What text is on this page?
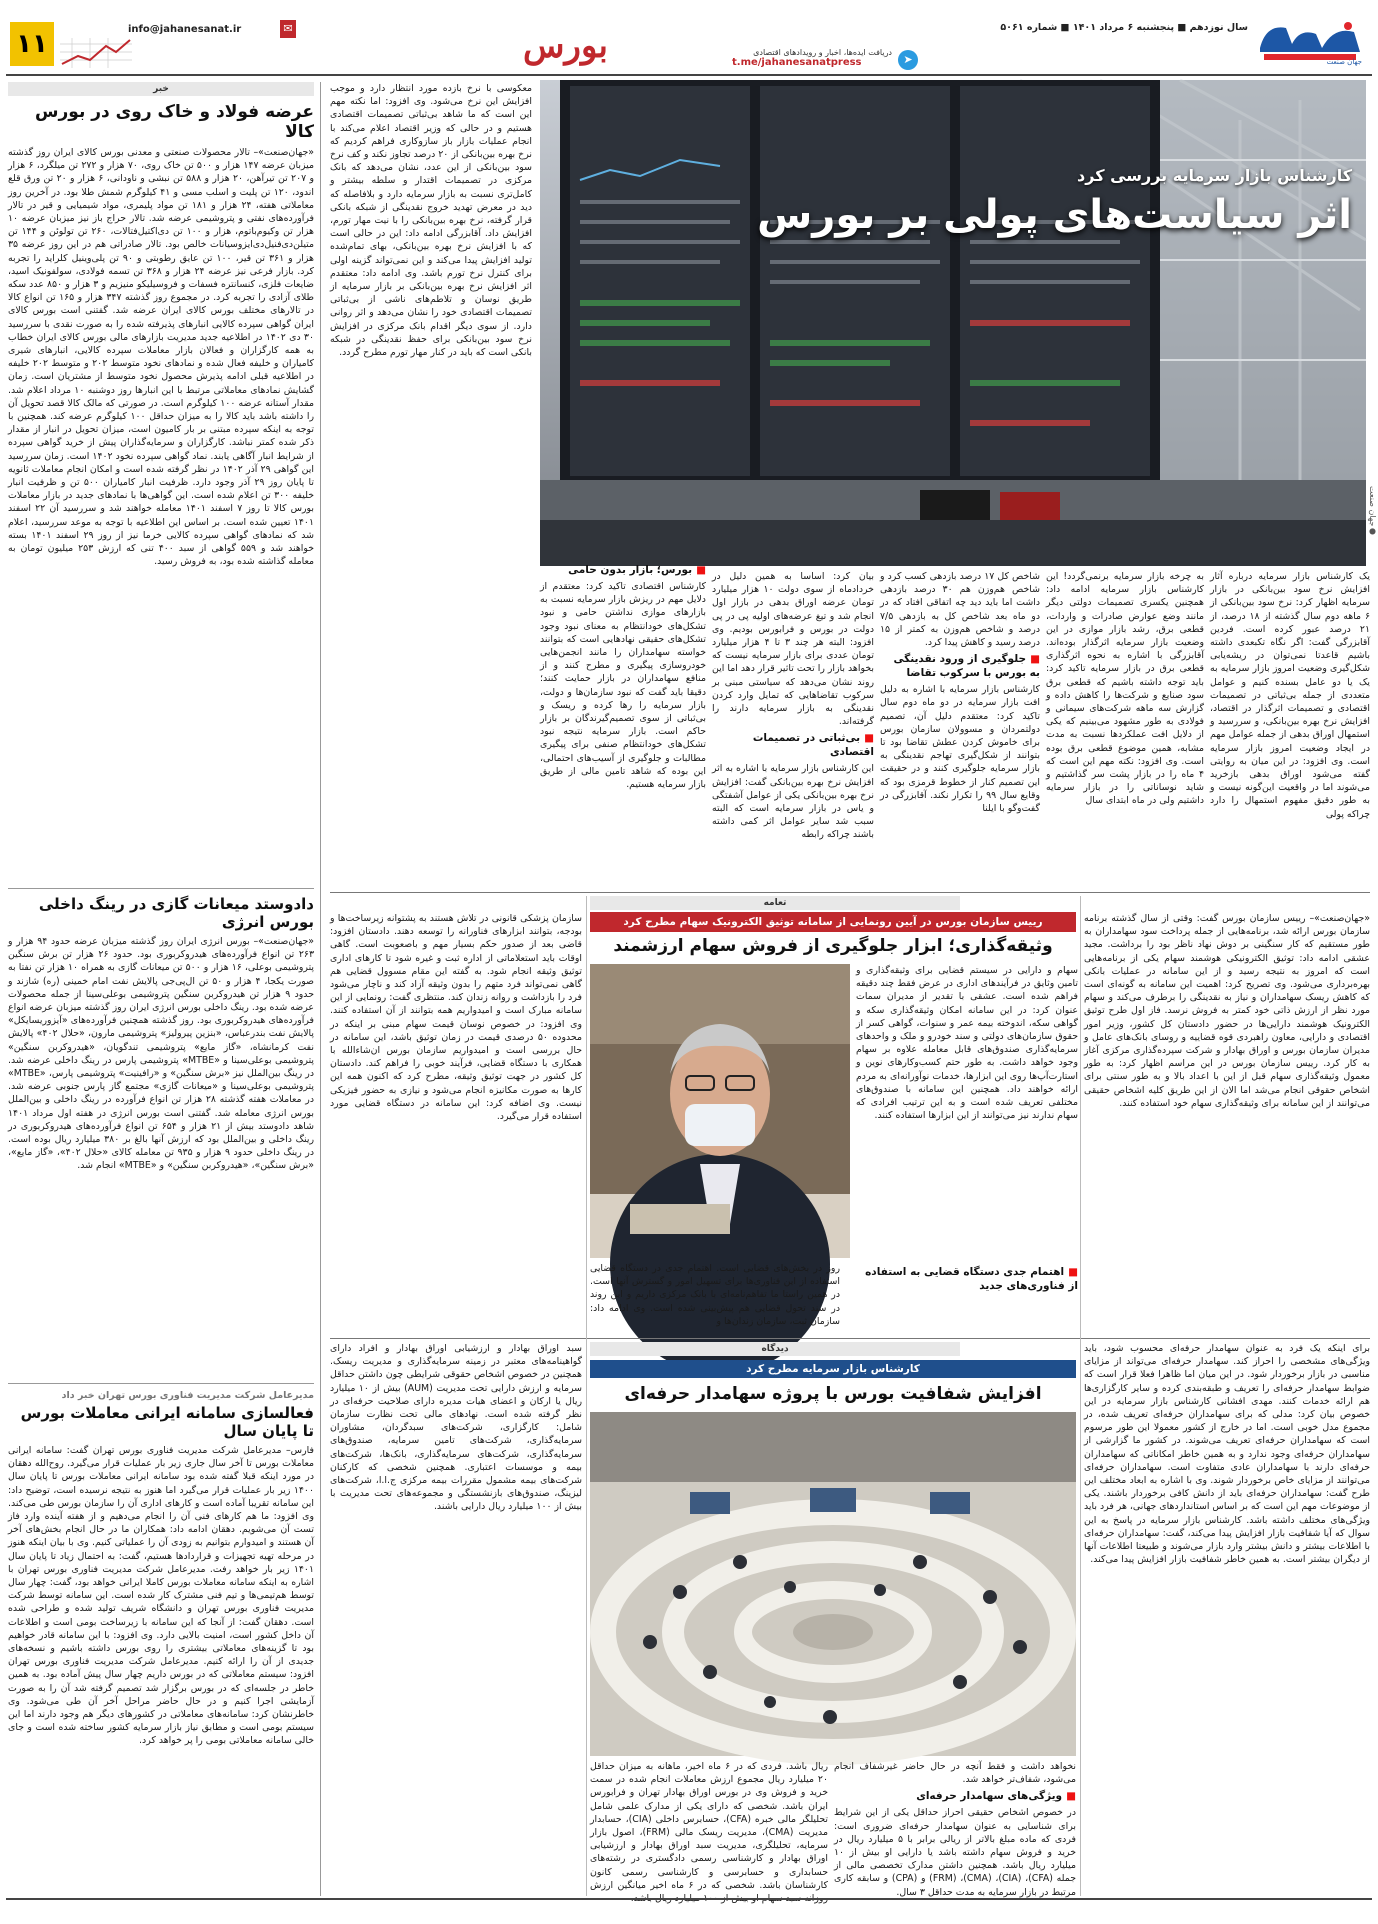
جهان صنعت
سال نوزدهم ■ پنجشنبه ۶ مرداد ۱۴۰۱ ■ شماره ۵۰۶۱
دریافت ایده‌ها، اخبار و رویدادهای اقتصادی
t.me/jahanesanatpress	➤
بورس
info@jahanesanat.ir	✉
۱۱
خبر
عرضه فولاد و خاک روی در بورس کالا
«جهان‌صنعت»– تالار محصولات صنعتی و معدنی بورس کالای ایران روز گذشته میزبان عرضه ۱۴۷ هزار و ۵۰۰ تن خاک روی، ۷۰ هزار و ۲۷۲ تن میلگرد، ۶ هزار و ۲۰۷ تن تیرآهن، ۲۰ هزار و ۵۸۸ تن نبشی و ناودانی، ۶ هزار و ۲۰ تن ورق قلع اندود، ۱۲۰ تن پلیت و اسلب مسی و ۴۱ کیلوگرم شمش طلا بود. در آخرین روز معاملاتی هفته، ۲۴ هزار و ۱۸۱ تن مواد پلیمری، مواد شیمیایی و قیر در تالار فرآورده‌های نفتی و پتروشیمی عرضه شد. تالار حراج باز نیز میزبان عرضه ۱۰ هزار تن وکیوم‌باتوم، هزار و ۱۰۰ تن دی‌اکتیل‌فتالات، ۲۶۰ تن تولوئن و ۱۴۴ تن متیلن‌دی‌فنیل‌دی‌ایزوسیانات خالص بود. تالار صادراتی هم در این روز عرضه ۳۵ هزار و ۳۶۱ تن قیر، ۱۰۰ تن عایق رطوبتی و ۹۰ تن پلی‌وینیل کلراید را تجربه کرد. بازار فرعی نیز عرضه ۲۴ هزار و ۳۶۸ تن تسمه فولادی، سولفونیک اسید، ضایعات فلزی، کنسانتره فسفات و فروسیلیکو منیزیم و ۳ هزار و ۸۵۰ عدد سکه طلای آزادی را تجربه کرد. در مجموع روز گذشته ۳۴۷ هزار و ۱۶۵ تن انواع کالا در تالارهای مختلف بورس کالای ایران عرضه شد. گفتنی است بورس کالای ایران گواهی سپرده کالایی انبارهای پذیرفته شده را به صورت نقدی با سررسید ۳۰ دی ۱۴۰۲ در اطلاعیه جدید مدیریت بازارهای مالی بورس کالای ایران خطاب به همه کارگزاران و فعالان بازار معاملات سپرده کالایی، انبارهای شیری کامیاران و خلیفه فعال شده و نمادهای نخود متوسط ۲۰۲ و متوسط ۲۰۲ خلیفه در اطلاعیه قبلی ادامه پذیرش محصول نخود متوسط از مشتریان است. زمان گشایش نمادهای معاملاتی مرتبط با این انبارها روز دوشنبه ۱۰ مرداد اعلام شد. مقدار آستانه عرضه ۱۰۰ کیلوگرم است. در صورتی که مالک کالا قصد تحویل آن را داشته باشد باید کالا را به میزان حداقل ۱۰۰ کیلوگرم عرضه کند. همچنین با توجه به اینکه سپرده مبتنی بر بار کامیون است، میزان تحویل در انبار از مقدار ذکر شده کمتر نباشد. کارگزاران و سرمایه‌گذاران پیش از خرید گواهی سپرده از شرایط انبار آگاهی یابند. نماد گواهی سپرده نخود ۱۴۰۲ است. زمان سررسید این گواهی ۲۹ آذر ۱۴۰۲ در نظر گرفته شده است و امکان انجام معاملات ثانویه تا پایان روز ۲۹ آذر وجود دارد. ظرفیت انبار کامیاران ۵۰۰ تن و ظرفیت انبار خلیفه ۳۰۰ تن اعلام شده است. این گواهی‌ها با نمادهای جدید در بازار معاملات بورس کالا تا روز ۷ اسفند ۱۴۰۱ معامله خواهند شد و سررسید آن ۲۲ اسفند ۱۴۰۱ تعیین شده است. بر اساس این اطلاعیه با توجه به موعد سررسید، اعلام شد که نمادهای گواهی سپرده کالایی خرما نیز از روز ۲۹ اسفند ۱۴۰۱ بسته خواهند شد و ۵۵۹ گواهی از سبد ۴۰۰ تنی که ارزش ۲۵۳ میلیون تومان به معامله گذاشته شده بود، به فروش رسید.
دادوستد میعانات گازی در رینگ داخلی بورس انرژی
«جهان‌صنعت»– بورس انرژی ایران روز گذشته میزبان عرضه حدود ۹۴ هزار و ۲۶۳ تن انواع فرآورده‌های هیدروکربوری بود. حدود ۲۶ هزار تن برش سنگین پتروشیمی بوعلی، ۱۶ هزار و ۵۰۰ تن میعانات گازی به همراه ۱۰ هزار تن نفتا به صورت یکجا، ۴ هزار و ۵۰ تن ال‌پی‌جی پالایش نفت امام خمینی (ره) شازند و حدود ۹ هزار تن هیدروکربن سنگین پتروشیمی بوعلی‌سینا از جمله محصولات عرضه شده بود. رینگ داخلی بورس انرژی ایران روز گذشته میزبان عرضه انواع فرآورده‌های هیدروکربوری بود. روز گذشته همچنین فرآورده‌های «آیزوریسایکل» پالایش نفت بندرعباس، «بنزین پیرولیز» پتروشیمی مارون، «حلال ۴۰۲» پالایش نفت کرمانشاه، «گاز مایع» پتروشیمی تندگویان، «هیدروکربن سنگین» پتروشیمی بوعلی‌سینا و «MTBE» پتروشیمی پارس در رینگ داخلی عرضه شد. در رینگ بین‌الملل نیز «برش سنگین» و «رافینیت» پتروشیمی پارس، «MTBE» پتروشیمی بوعلی‌سینا و «میعانات گازی» مجتمع گاز پارس جنوبی عرضه شد. در معاملات هفته گذشته ۲۸ هزار تن انواع فرآورده در رینگ داخلی و بین‌الملل بورس انرژی معامله شد. گفتنی است بورس انرژی در هفته اول مرداد ۱۴۰۱ شاهد دادوستد بیش از ۲۱ هزار و ۶۵۴ تن انواع فرآورده‌های هیدروکربوری در رینگ داخلی و بین‌الملل بود که ارزش آنها بالغ بر ۳۸۰ میلیارد ریال بوده است. در رینگ داخلی حدود ۹ هزار و ۹۳۵ تن معامله کالای «حلال ۴۰۲»، «گاز مایع»، «برش سنگین»، «هیدروکربن سنگین» و «MTBE» انجام شد.
مدیرعامل شرکت مدیریت فناوری بورس تهران خبر داد
فعالسازی سامانه ایرانی معاملات بورس تا پایان سال
فارس– مدیرعامل شرکت مدیریت فناوری بورس تهران گفت: سامانه ایرانی معاملات بورس تا آخر سال جاری زیر بار عملیات قرار می‌گیرد. روح‌الله دهقان در مورد اینکه قبلا گفته شده بود سامانه ایرانی معاملات بورس تا پایان سال ۱۴۰۰ زیر بار عملیات قرار می‌گیرد اما هنوز به نتیجه نرسیده است، توضیح داد: این سامانه تقریبا آماده است و کارهای اداری آن را سازمان بورس طی می‌کند. وی افزود: ما هم کارهای فنی آن را انجام می‌دهیم و از هفته آینده وارد فاز تست آن می‌شویم. دهقان ادامه داد: همکاران ما در حال انجام بخش‌های آخر آن هستند و امیدوارم بتوانیم به زودی آن را عملیاتی کنیم. وی با بیان اینکه هنوز در مرحله تهیه تجهیزات و قراردادها هستیم، گفت: به احتمال زیاد تا پایان سال ۱۴۰۱ زیر بار خواهد رفت. مدیرعامل شرکت مدیریت فناوری بورس تهران با اشاره به اینکه سامانه معاملات بورس کاملا ایرانی خواهد بود، گفت: چهار سال توسط هم‌تیمی‌ها و تیم فنی مشترک کار شده است. این سامانه توسط شرکت مدیریت فناوری بورس تهران و دانشگاه شریف تولید شده و طراحی شده است. دهقان گفت: از آنجا که این سامانه با زیرساخت بومی است و اطلاعات آن داخل کشور است، امنیت بالایی دارد. وی افزود: با این سامانه قادر خواهیم بود تا گزینه‌های معاملاتی بیشتری را روی بورس داشته باشیم و نسخه‌های جدیدی از آن را ارائه کنیم. مدیرعامل شرکت مدیریت فناوری بورس تهران افزود: سیستم معاملاتی که در بورس داریم چهار سال پیش آماده بود. به همین خاطر در جلسه‌ای که در بورس برگزار شد تصمیم گرفته شد آن را به صورت آزمایشی اجرا کنیم و در حال حاضر مراحل آخر آن طی می‌شود. وی خاطرنشان کرد: سامانه‌های معاملاتی در کشورهای دیگر هم وجود دارند اما این سیستم بومی است و مطابق نیاز بازار سرمایه کشور ساخته شده است و جای خالی سامانه معاملاتی بومی را پر خواهد کرد.
کارشناس بازار سرمایه بررسی کرد
اثر سیاست‌های پولی بر بورس
●جهان صنعت
معکوسی با نرخ بازده مورد انتظار دارد و موجب افزایش این نرخ می‌شود. وی افزود: اما نکته مهم این است که ما شاهد بی‌ثباتی تصمیمات اقتصادی هستیم و در حالی که وزیر اقتصاد اعلام می‌کند با انجام عملیات بازار باز سازوکاری فراهم کردیم که نرخ بهره بین‌بانکی از ۲۰ درصد تجاوز نکند و کف نرخ سود بین‌بانکی از این عدد، نشان می‌دهد که بانک مرکزی در تصمیمات اقتدار و سلطه بیشتر و کامل‌تری نسبت به بازار سرمایه دارد و بلافاصله که دید در معرض تهدید خروج نقدینگی از شبکه بانکی قرار گرفته، نرخ بهره بین‌بانکی را با نیت مهار تورم، افزایش داد. آقابزرگی ادامه داد: این در حالی است که با افزایش نرخ بهره بین‌بانکی، بهای تمام‌شده تولید افزایش پیدا می‌کند و این نمی‌تواند گزینه اولی برای کنترل نرخ تورم باشد. وی ادامه داد: معتقدم اثر افزایش نرخ بهره بین‌بانکی بر بازار سرمایه از طریق نوسان و تلاطم‌های ناشی از بی‌ثباتی تصمیمات اقتصادی خود را نشان می‌دهد و اثر روانی دارد. از سوی دیگر اقدام بانک مرکزی در افزایش نرخ سود بین‌بانکی برای حفظ نقدینگی در شبکه بانکی است که باید در کنار مهار تورم مطرح گردد.
یک کارشناس بازار سرمایه درباره آثار افزایش نرخ سود بین‌بانکی در بازار سرمایه اظهار کرد: نرخ سود بین‌بانکی از ۶ ماهه دوم سال گذشته از ۱۸ درصد، از ۲۱ درصد عبور کرده است. فردین آقابزرگی گفت: اگر نگاه تکبعدی داشته باشیم قاعدتا نمی‌توان در ریشه‌یابی شکل‌گیری وضعیت امروز بازار سرمایه به یک یا دو عامل بسنده کنیم و عوامل متعددی از جمله بی‌ثباتی در تصمیمات اقتصادی و تصمیمات اثرگذار در اقتصاد، افزایش نرخ بهره بین‌بانکی، و سررسید و استمهال اوراق بدهی از جمله عوامل مهم در ایجاد وضعیت امروز بازار سرمایه است. وی افزود: در این میان به روایتی گفته می‌شود اوراق بدهی بازخرید می‌شوند اما در واقعیت این‌گونه نیست و به طور دقیق مفهوم استمهال را دارد چراکه پولی
به چرخه بازار سرمایه برنمی‌گردد! این کارشناس بازار سرمایه ادامه داد: همچنین یکسری تصمیمات دولتی دیگر مانند وضع عوارض صادرات و واردات، قطعی برق، رشد بازار موازی در این وضعیت بازار سرمایه اثرگذار بوده‌اند. آقابزرگی با اشاره به نحوه اثرگذاری قطعی برق در بازار سرمایه تاکید کرد: باید توجه داشته باشیم که قطعی برق سود صنایع و شرکت‌ها را کاهش داده و گزارش سه ماهه شرکت‌های سیمانی و فولادی به طور مشهود می‌بینیم که یکی از دلایل افت عملکردها نسبت به مدت مشابه، همین موضوع قطعی برق بوده است. وی افزود: نکته مهم این است که ۴ ماه را در بازار پشت سر گذاشتیم و شاید نوساناتی را در بازار سرمایه داشتیم ولی در ماه ابتدای سال
شاخص کل ۱۷ درصد بازدهی کسب کرد و شاخص هم‌وزن هم ۳۰ درصد بازدهی داشت اما باید دید چه اتفاقی افتاد که در دو ماه بعد شاخص کل به بازدهی ۷/۵ درصد و شاخص هم‌وزن به کمتر از ۱۵ درصد رسید و کاهش پیدا کرد.
■جلوگیری از ورود نقدینگی به بورس با سرکوب تقاضا
کارشناس بازار سرمایه با اشاره به دلیل افت بازار سرمایه در دو ماه دوم سال تاکید کرد: معتقدم دلیل آن، تصمیم دولتمردان و مسوولان سازمان بورس برای خاموش کردن عطش تقاضا بود تا بتوانند از شکل‌گیری تهاجم نقدینگی به بازار سرمایه جلوگیری کنند و در حقیقت این تصمیم کنار از خطوط قرمزی بود که وقایع سال ۹۹ را تکرار نکند. آقابزرگی در گفت‌وگو با ایلنا
بیان کرد: اساسا به همین دلیل در خردادماه از سوی دولت ۱۰ هزار میلیارد تومان عرضه اوراق بدهی در بازار اول انجام شد و تیغ عرضه‌های اولیه پی در پی دولت در بورس و فرابورس بودیم. وی افزود: البته هر چند ۳ تا ۴ هزار میلیارد تومان عددی برای بازار سرمایه نیست که بخواهد بازار را تحت تاثیر قرار دهد اما این روند نشان می‌دهد که سیاستی مبنی بر سرکوب تقاضاهایی که تمایل وارد کردن نقدینگی به بازار سرمایه دارند را گرفته‌اند.
■بی‌ثباتی در تصمیمات اقتصادی
این کارشناس بازار سرمایه با اشاره به اثر افزایش نرخ بهره بین‌بانکی گفت: افزایش نرخ بهره بین‌بانکی یکی از عوامل آشفتگی و یاس در بازار سرمایه است که البته سبب شد سایر عوامل اثر کمی داشته باشند چراکه رابطه
■بورس؛ بازار بدون حامی
کارشناس اقتصادی تاکید کرد: معتقدم از دلایل مهم در ریزش بازار سرمایه نسبت به بازارهای موازی نداشتن حامی و نبود تشکل‌های خودانتظام به معنای نبود وجود تشکل‌های حقیقی نهادهایی است که بتوانند خواسته سهامداران را مانند انجمن‌هایی خودروسازی پیگیری و مطرح کنند و از منافع سهامداران در بازار حمایت کنند؛ دقیقا باید گفت که نبود سازمان‌ها و دولت، بازار سرمایه را رها کرده و ریسک و بی‌ثباتی از سوی تصمیم‌گیرندگان بر بازار حاکم است. بازار سرمایه نتیجه نبود تشکل‌های خودانتظام صنفی برای پیگیری مطالبات و جلوگیری از آسیب‌های احتمالی، این بوده که شاهد تامین مالی از طریق بازار سرمایه هستیم.
تعامه
رییس سازمان بورس در آیین رونمایی از سامانه توثیق الکترونیک سهام مطرح کرد
وثیقه‌گذاری؛ ابزار جلوگیری از فروش سهام ارزشمند
«جهان‌صنعت»– رییس سازمان بورس گفت: وقتی از سال گذشته برنامه سازمان بورس ارائه شد، برنامه‌هایی از جمله پرداخت سود سهامداران به طور مستقیم که کار سنگینی بر دوش نهاد ناظر بود را برداشت. مجید عشقی ادامه داد: توثیق الکترونیکی هوشمند سهام یکی از برنامه‌هایی است که امروز به نتیجه رسید و از این سامانه در عملیات بانکی بهره‌برداری می‌شود. وی تصریح کرد: اهمیت این سامانه به گونه‌ای است که کاهش ریسک سهامداران و نیاز به نقدینگی را برطرف می‌کند و سهام مورد نظر از ارزش ذاتی خود کمتر به فروش نرسد. فاز اول طرح توثیق الکترونیک هوشمند دارایی‌ها در حضور دادستان کل کشور، وزیر امور اقتصادی و دارایی، معاون راهبردی قوه قضاییه و روسای بانک‌های عامل و مدیران سازمان بورس و اوراق بهادار و شرکت سپرده‌گذاری مرکزی آغاز به کار کرد. رییس سازمان بورس در این مراسم اظهار کرد: به طور معمول وثیقه‌گذاری سهام قبل از این با اعداد بالا و به طور سنتی برای اشخاص حقوقی انجام می‌شد اما الان از این طریق کلیه اشخاص حقیقی می‌توانند از این سامانه برای وثیقه‌گذاری سهام خود استفاده کنند.
سهام و دارایی در سیستم قضایی برای وثیقه‌گذاری و تامین وثایق در فرآیندهای اداری در عرض فقط چند دقیقه فراهم شده است. عشقی با تقدیر از مدیران سمات عنوان کرد: در این سامانه امکان وثیقه‌گذاری سکه و گواهی سکه، اندوخته بیمه عمر و سنوات، گواهی کسر از حقوق سازمان‌های دولتی و سند خودرو و ملک و واحدهای سرمایه‌گذاری صندوق‌های قابل معامله علاوه بر سهام وجود خواهد داشت. به طور حتم کسب‌وکارهای نوین و استارت‌آپ‌ها روی این ابزارها، خدمات نوآورانه‌ای به مردم ارائه خواهند داد. همچنین این سامانه با صندوق‌های مختلفی تعریف شده است و به این ترتیب افرادی که سهام ندارند نیز می‌توانند از این ابزارها استفاده کنند.
■اهتمام جدی دستگاه قضایی به استفاده از فناوری‌های جدید
روز در بخش‌های قضایی است. اهتمام جدی در دستگاه قضایی استفاده از این فناوری‌ها برای تسهیل امور و گسترش آنها است. در همین راستا ما تفاهم‌نامه‌ای با بانک مرکزی داریم و این روند در سند تحول قضایی هم پیش‌بینی شده است. وی ادامه داد: سازمان ثبت، سازمان زندان‌ها و
سازمان پزشکی قانونی در تلاش هستند به پشتوانه زیرساخت‌ها و بودجه، بتوانند ابزارهای فناورانه را توسعه دهند. دادستان افزود: قاضی بعد از صدور حکم بسیار مهم و باصعوبت است. گاهی اوقات باید استعلاماتی از اداره ثبت و غیره شود تا کارهای اداری توثیق وثیقه انجام شود. به گفته این مقام مسوول قضایی هم گاهی نمی‌تواند فرد متهم را بدون وثیقه آزاد کند و ناچار می‌شود فرد را بازداشت و روانه زندان کند. منتظری گفت: رونمایی از این سامانه مبارک است و امیدواریم همه بتوانند از آن استفاده کنند. وی افزود: در خصوص نوسان قیمت سهام مبنی بر اینکه در محدوده ۵۰ درصدی قیمت در زمان توثیق باشد، این سامانه در حال بررسی است و امیدواریم سازمان بورس ان‌شاءالله با همکاری با دستگاه قضایی، فرآیند خوبی را فراهم کند. دادستان کل کشور در جهت توثیق وثیقه، مطرح کرد که اکنون همه این کارها به صورت مکانیزه انجام می‌شود و نیازی به حضور فیزیکی نیست. وی اضافه کرد: این سامانه در دستگاه قضایی مورد استفاده قرار می‌گیرد.
دیدگاه
کارشناس بازار سرمایه مطرح کرد
افزایش شفافیت بورس با پروژه سهامدار حرفه‌ای
برای اینکه یک فرد به عنوان سهامدار حرفه‌ای محسوب شود، باید ویژگی‌های مشخصی را احراز کند. سهامدار حرفه‌ای می‌تواند از مزایای مناسبی در بازار برخوردار شود. در این میان اما ظاهرا فعلا قرار است که ضوابط سهامدار حرفه‌ای را تعریف و طبقه‌بندی کرده و سایر کارگزاری‌ها هم ارائه خدمات کنند. مهدی افشانی کارشناس بازار سرمایه در این خصوص بیان کرد: مدلی که برای سهامداران حرفه‌ای تعریف شده، در مجموع مدل خوبی است. اما در خارج از کشور معمولا این طور مرسوم است که سهامداران حرفه‌ای تعریف می‌شوند. در کشور ما گزارشی از سهامداران حرفه‌ای وجود ندارد و به همین خاطر امکاناتی که سهامداران حرفه‌ای دارند با سهامداران عادی متفاوت است. سهامداران حرفه‌ای می‌توانند از مزایای خاص برخوردار شوند. وی با اشاره به ابعاد مختلف این طرح گفت: سهامداران حرفه‌ای باید از دانش کافی برخوردار باشند. یکی از موضوعات مهم این است که بر اساس استانداردهای جهانی، هر فرد باید ویژگی‌های مختلف داشته باشد. کارشناس بازار سرمایه در پاسخ به این سوال که آیا شفافیت بازار افزایش پیدا می‌کند، گفت: سهامداران حرفه‌ای با اطلاعات بیشتر و دانش بیشتر وارد بازار می‌شوند و طبیعتا اطلاعات آنها از دیگران بیشتر است. به همین خاطر شفافیت بازار افزایش پیدا می‌کند.
نخواهد داشت و فقط آنچه در حال حاضر غیرشفاف انجام می‌شود، شفاف‌تر خواهد شد.
■ویژگی‌های سهامدار حرفه‌ای
در خصوص اشخاص حقیقی احراز حداقل یکی از این شرایط برای شناسایی به عنوان سهامدار حرفه‌ای ضروری است: فردی که ماده مبلغ بالاتر از ریالی برابر با ۵ میلیارد ریال در خرید و فروش سهام داشته باشد یا دارایی او بیش از ۱۰ میلیارد ریال باشد. همچنین داشتن مدارک تخصصی مالی از جمله (CFA)، (CIA)، (CMA)، (FRM) و (CPA) و سابقه کاری مرتبط در بازار سرمایه به مدت حداقل ۳ سال.
ریال باشد. فردی که در ۶ ماه اخیر، ماهانه به میزان حداقل ۲۰ میلیارد ریال مجموع ارزش معاملات انجام شده در سمت خرید و فروش وی در بورس اوراق بهادار تهران و فرابورس ایران باشد. شخصی که دارای یکی از مدارک علمی شامل تحلیلگر مالی خبره (CFA)، حسابرس داخلی (CIA)، حسابدار مدیریت (CMA)، مدیریت ریسک مالی (FRM)، اصول بازار سرمایه، تحلیلگری، مدیریت سبد اوراق بهادار و ارزشیابی اوراق بهادار و کارشناسی رسمی دادگستری در رشته‌های حسابداری و حسابرسی و کارشناسی رسمی کانون کارشناسان باشد. شخصی که در ۶ ماه اخیر میانگین ارزش
سبد اوراق بهادار و ارزشیابی اوراق بهادار و افراد دارای گواهینامه‌های معتبر در زمینه سرمایه‌گذاری و مدیریت ریسک. همچنین در خصوص اشخاص حقوقی شرایطی چون داشتن حداقل سرمایه و ارزش دارایی تحت مدیریت (AUM) بیش از ۱۰ میلیارد ریال یا ارکان و اعضای هیات مدیره دارای صلاحیت حرفه‌ای در نظر گرفته شده است. نهادهای مالی تحت نظارت سازمان شامل: کارگزاری، شرکت‌های سبدگردان، مشاوران سرمایه‌گذاری، شرکت‌های تامین سرمایه، صندوق‌های سرمایه‌گذاری، شرکت‌های سرمایه‌گذاری، بانک‌ها، شرکت‌های بیمه و موسسات اعتباری. همچنین شخصی که کارکنان شرکت‌های بیمه مشمول مقررات بیمه مرکزی ج.ا.ا، شرکت‌های لیزینگ، صندوق‌های بازنشستگی و مجموعه‌های تحت مدیریت با بیش از ۱۰۰ میلیارد ریال دارایی باشند.
